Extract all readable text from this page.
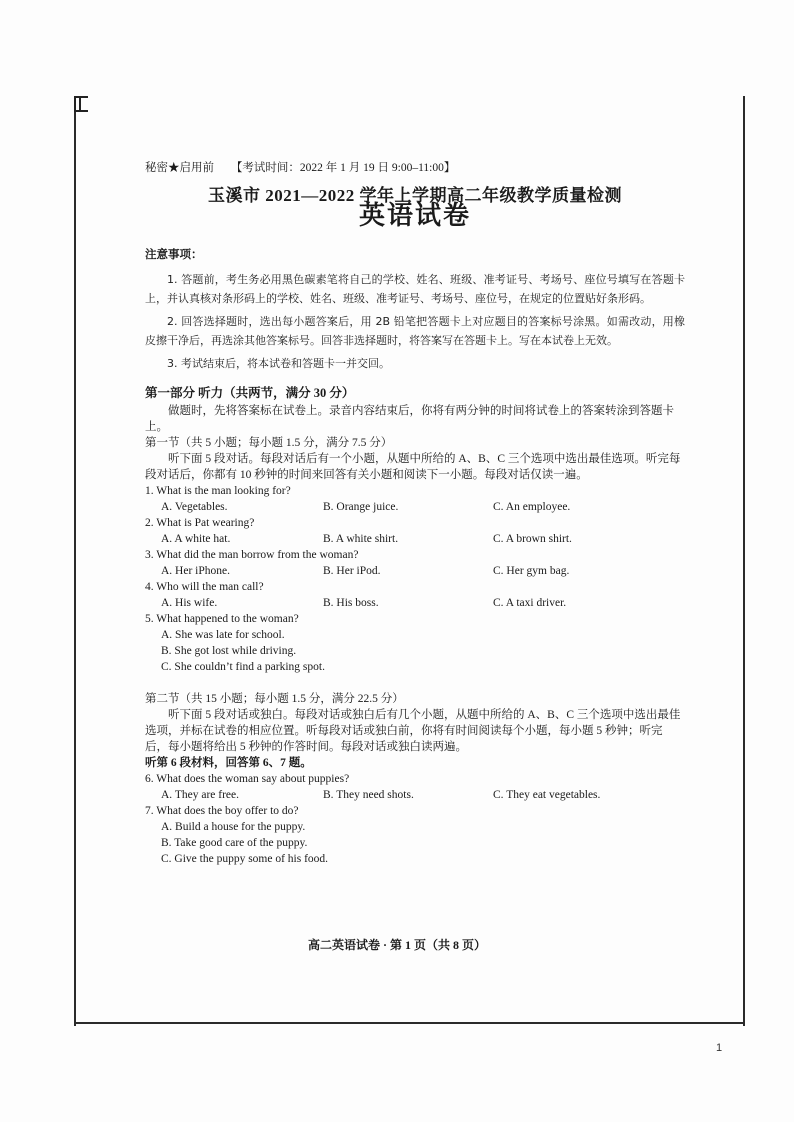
秘密★启用前 【考试时间：2022 年 1 月 19 日 9:00–11:00】

玉溪市 2021—2022 学年上学期高二年级教学质量检测

英语试卷

注意事项：

1. 答题前，考生务必用黑色碳素笔将自己的学校、姓名、班级、准考证号、考场号、座位号填写在答题卡上，并认真核对条形码上的学校、姓名、班级、准考证号、考场号、座位号，在规定的位置贴好条形码。

2. 回答选择题时，选出每小题答案后，用 2B 铅笔把答题卡上对应题目的答案标号涂黑。如需改动，用橡皮擦干净后，再选涂其他答案标号。回答非选择题时，将答案写在答题卡上。写在本试卷上无效。

3. 考试结束后，将本试卷和答题卡一并交回。

第一部分 听力（共两节，满分 30 分）

做题时，先将答案标在试卷上。录音内容结束后，你将有两分钟的时间将试卷上的答案转涂到答题卡上。

第一节（共 5 小题；每小题 1.5 分，满分 7.5 分）

听下面 5 段对话。每段对话后有一个小题，从题中所给的 A、B、C 三个选项中选出最佳选项。听完每段对话后，你都有 10 秒钟的时间来回答有关小题和阅读下一小题。每段对话仅读一遍。

1. What is the man looking for?

A. Vegetables.	B. Orange juice.	C. An employee.

2. What is Pat wearing?

A. A white hat.	B. A white shirt.	C. A brown shirt.

3. What did the man borrow from the woman?

A. Her iPhone.	B. Her iPod.	C. Her gym bag.

4. Who will the man call?

A. His wife.	B. His boss.	C. A taxi driver.

5. What happened to the woman?

A. She was late for school.

B. She got lost while driving.

C. She couldn’t find a parking spot.

第二节（共 15 小题；每小题 1.5 分，满分 22.5 分）

听下面 5 段对话或独白。每段对话或独白后有几个小题，从题中所给的 A、B、C 三个选项中选出最佳选项，并标在试卷的相应位置。听每段对话或独白前，你将有时间阅读每个小题，每小题 5 秒钟；听完后，每小题将给出 5 秒钟的作答时间。每段对话或独白读两遍。

听第 6 段材料，回答第 6、7 题。

6. What does the woman say about puppies?

A. They are free.	B. They need shots.	C. They eat vegetables.

7. What does the boy offer to do?

A. Build a house for the puppy.

B. Take good care of the puppy.

C. Give the puppy some of his food.

高二英语试卷 · 第 1 页（共 8 页）
1
